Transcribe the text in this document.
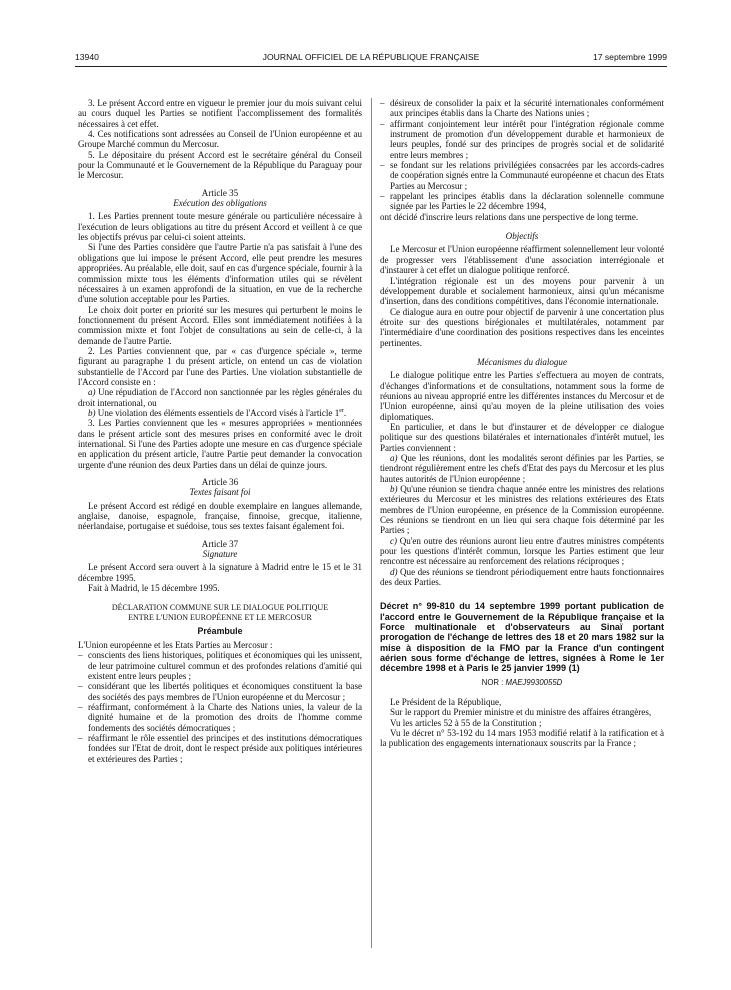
13940	JOURNAL OFFICIEL DE LA RÉPUBLIQUE FRANÇAISE	17 septembre 1999

3. Le présent Accord entre en vigueur le premier jour du mois suivant celui au cours duquel les Parties se notifient l'accomplissement des formalités nécessaires à cet effet.

4. Ces notifications sont adressées au Conseil de l'Union européenne et au Groupe Marché commun du Mercosur.

5. Le dépositaire du présent Accord est le secrétaire général du Conseil pour la Communauté et le Gouvernement de la République du Paraguay pour le Mercosur.

Article 35

Exécution des obligations

1. Les Parties prennent toute mesure générale ou particulière nécessaire à l'exécution de leurs obligations au titre du présent Accord et veillent à ce que les objectifs prévus par celui-ci soient atteints.

Si l'une des Parties considère que l'autre Partie n'a pas satisfait à l'une des obligations que lui impose le présent Accord, elle peut prendre les mesures appropriées. Au préalable, elle doit, sauf en cas d'urgence spéciale, fournir à la commission mixte tous les éléments d'information utiles qui se révèlent nécessaires à un examen approfondi de la situation, en vue de la recherche d'une solution acceptable pour les Parties.

Le choix doit porter en priorité sur les mesures qui perturbent le moins le fonctionnement du présent Accord. Elles sont immédiatement notifiées à la commission mixte et font l'objet de consultations au sein de celle-ci, à la demande de l'autre Partie.

2. Les Parties conviennent que, par « cas d'urgence spéciale », terme figurant au paragraphe 1 du présent article, on entend un cas de violation substantielle de l'Accord par l'une des Parties. Une violation substantielle de l'Accord consiste en :

a) Une répudiation de l'Accord non sanctionnée par les règles générales du droit international, ou

b) Une violation des éléments essentiels de l'Accord visés à l'article 1er.

3. Les Parties conviennent que les « mesures appropriées » mentionnées dans le présent article sont des mesures prises en conformité avec le droit international. Si l'une des Parties adopte une mesure en cas d'urgence spéciale en application du présent article, l'autre Partie peut demander la convocation urgente d'une réunion des deux Parties dans un délai de quinze jours.

Article 36

Textes faisant foi

Le présent Accord est rédigé en double exemplaire en langues allemande, anglaise, danoise, espagnole, française, finnoise, grecque, italienne, néerlandaise, portugaise et suédoise, tous ses textes faisant également foi.

Article 37

Signature

Le présent Accord sera ouvert à la signature à Madrid entre le 15 et le 31 décembre 1995.

Fait à Madrid, le 15 décembre 1995.

DÉCLARATION COMMUNE SUR LE DIALOGUE POLITIQUE

ENTRE L'UNION EUROPÉENNE ET LE MERCOSUR

Préambule

L'Union européenne et les Etats Parties au Mercosur :

– conscients des liens historiques, politiques et économiques qui les unissent, de leur patrimoine culturel commun et des profondes relations d'amitié qui existent entre leurs peuples ;
– considérant que les libertés politiques et économiques constituent la base des sociétés des pays membres de l'Union européenne et du Mercosur ;
– réaffirmant, conformément à la Charte des Nations unies, la valeur de la dignité humaine et de la promotion des droits de l'homme comme fondements des sociétés démocratiques ;
– réaffirmant le rôle essentiel des principes et des institutions démocratiques fondées sur l'Etat de droit, dont le respect préside aux politiques intérieures et extérieures des Parties ;
– désireux de consolider la paix et la sécurité internationales conformément aux principes établis dans la Charte des Nations unies ;
– affirmant conjointement leur intérêt pour l'intégration régionale comme instrument de promotion d'un développement durable et harmonieux de leurs peuples, fondé sur des principes de progrès social et de solidarité entre leurs membres ;
– se fondant sur les relations privilégiées consacrées par les accords-cadres de coopération signés entre la Communauté européenne et chacun des Etats Parties au Mercosur ;
– rappelant les principes établis dans la déclaration solennelle commune signée par les Parties le 22 décembre 1994,

ont décidé d'inscrire leurs relations dans une perspective de long terme.

Objectifs

Le Mercosur et l'Union européenne réaffirment solennellement leur volonté de progresser vers l'établissement d'une association interrégionale et d'instaurer à cet effet un dialogue politique renforcé.

L'intégration régionale est un des moyens pour parvenir à un développement durable et socialement harmonieux, ainsi qu'un mécanisme d'insertion, dans des conditions compétitives, dans l'économie internationale.

Ce dialogue aura en outre pour objectif de parvenir à une concertation plus étroite sur des questions birégionales et multilatérales, notamment par l'intermédiaire d'une coordination des positions respectives dans les enceintes pertinentes.

Mécanismes du dialogue

Le dialogue politique entre les Parties s'effectuera au moyen de contrats, d'échanges d'informations et de consultations, notamment sous la forme de réunions au niveau approprié entre les différentes instances du Mercosur et de l'Union européenne, ainsi qu'au moyen de la pleine utilisation des voies diplomatiques.

En particulier, et dans le but d'instaurer et de développer ce dialogue politique sur des questions bilatérales et internationales d'intérêt mutuel, les Parties conviennent :

a) Que les réunions, dont les modalités seront définies par les Parties, se tiendront régulièrement entre les chefs d'Etat des pays du Mercosur et les plus hautes autorités de l'Union européenne ;

b) Qu'une réunion se tiendra chaque année entre les ministres des relations extérieures du Mercosur et les ministres des relations extérieures des Etats membres de l'Union européenne, en présence de la Commission européenne. Ces réunions se tiendront en un lieu qui sera chaque fois déterminé par les Parties ;

c) Qu'en outre des réunions auront lieu entre d'autres ministres compétents pour les questions d'intérêt commun, lorsque les Parties estiment que leur rencontre est nécessaire au renforcement des relations réciproques ;

d) Que des réunions se tiendront périodiquement entre hauts fonctionnaires des deux Parties.

Décret n° 99-810 du 14 septembre 1999 portant publication de l'accord entre le Gouvernement de la République française et la Force multinationale et d'observateurs au Sinaï portant prorogation de l'échange de lettres des 18 et 20 mars 1982 sur la mise à disposition de la FMO par la France d'un contingent aérien sous forme d'échange de lettres, signées à Rome le 1er décembre 1998 et à Paris le 25 janvier 1999 (1)

NOR : MAEJ9930055D

Le Président de la République,

Sur le rapport du Premier ministre et du ministre des affaires étrangères,

Vu les articles 52 à 55 de la Constitution ;

Vu le décret n° 53-192 du 14 mars 1953 modifié relatif à la ratification et à la publication des engagements internationaux souscrits par la France ;
